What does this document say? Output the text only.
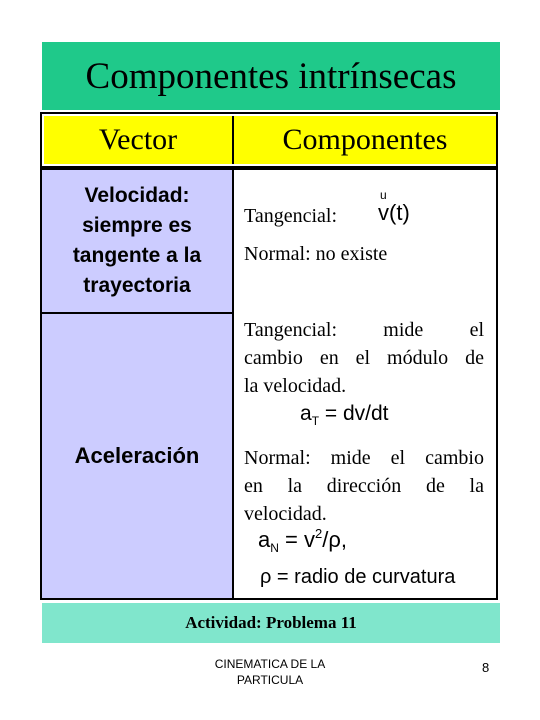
Componentes intrínsecas
Vector	Componentes
Velocidad:
siempre es
tangente a la
trayectoria
Tangencial:
u
v(t)
Normal: no existe
Aceleración
Tangencial: mide el
cambio en el módulo de
la velocidad.
$a_T = dv/dt$
Normal: mide el cambio
en la dirección de la
velocidad.
$a_N = v^2/\rho$,
ρ = radio de curvatura
Actividad: Problema 11
CINEMATICA DE LA
PARTICULA
8
